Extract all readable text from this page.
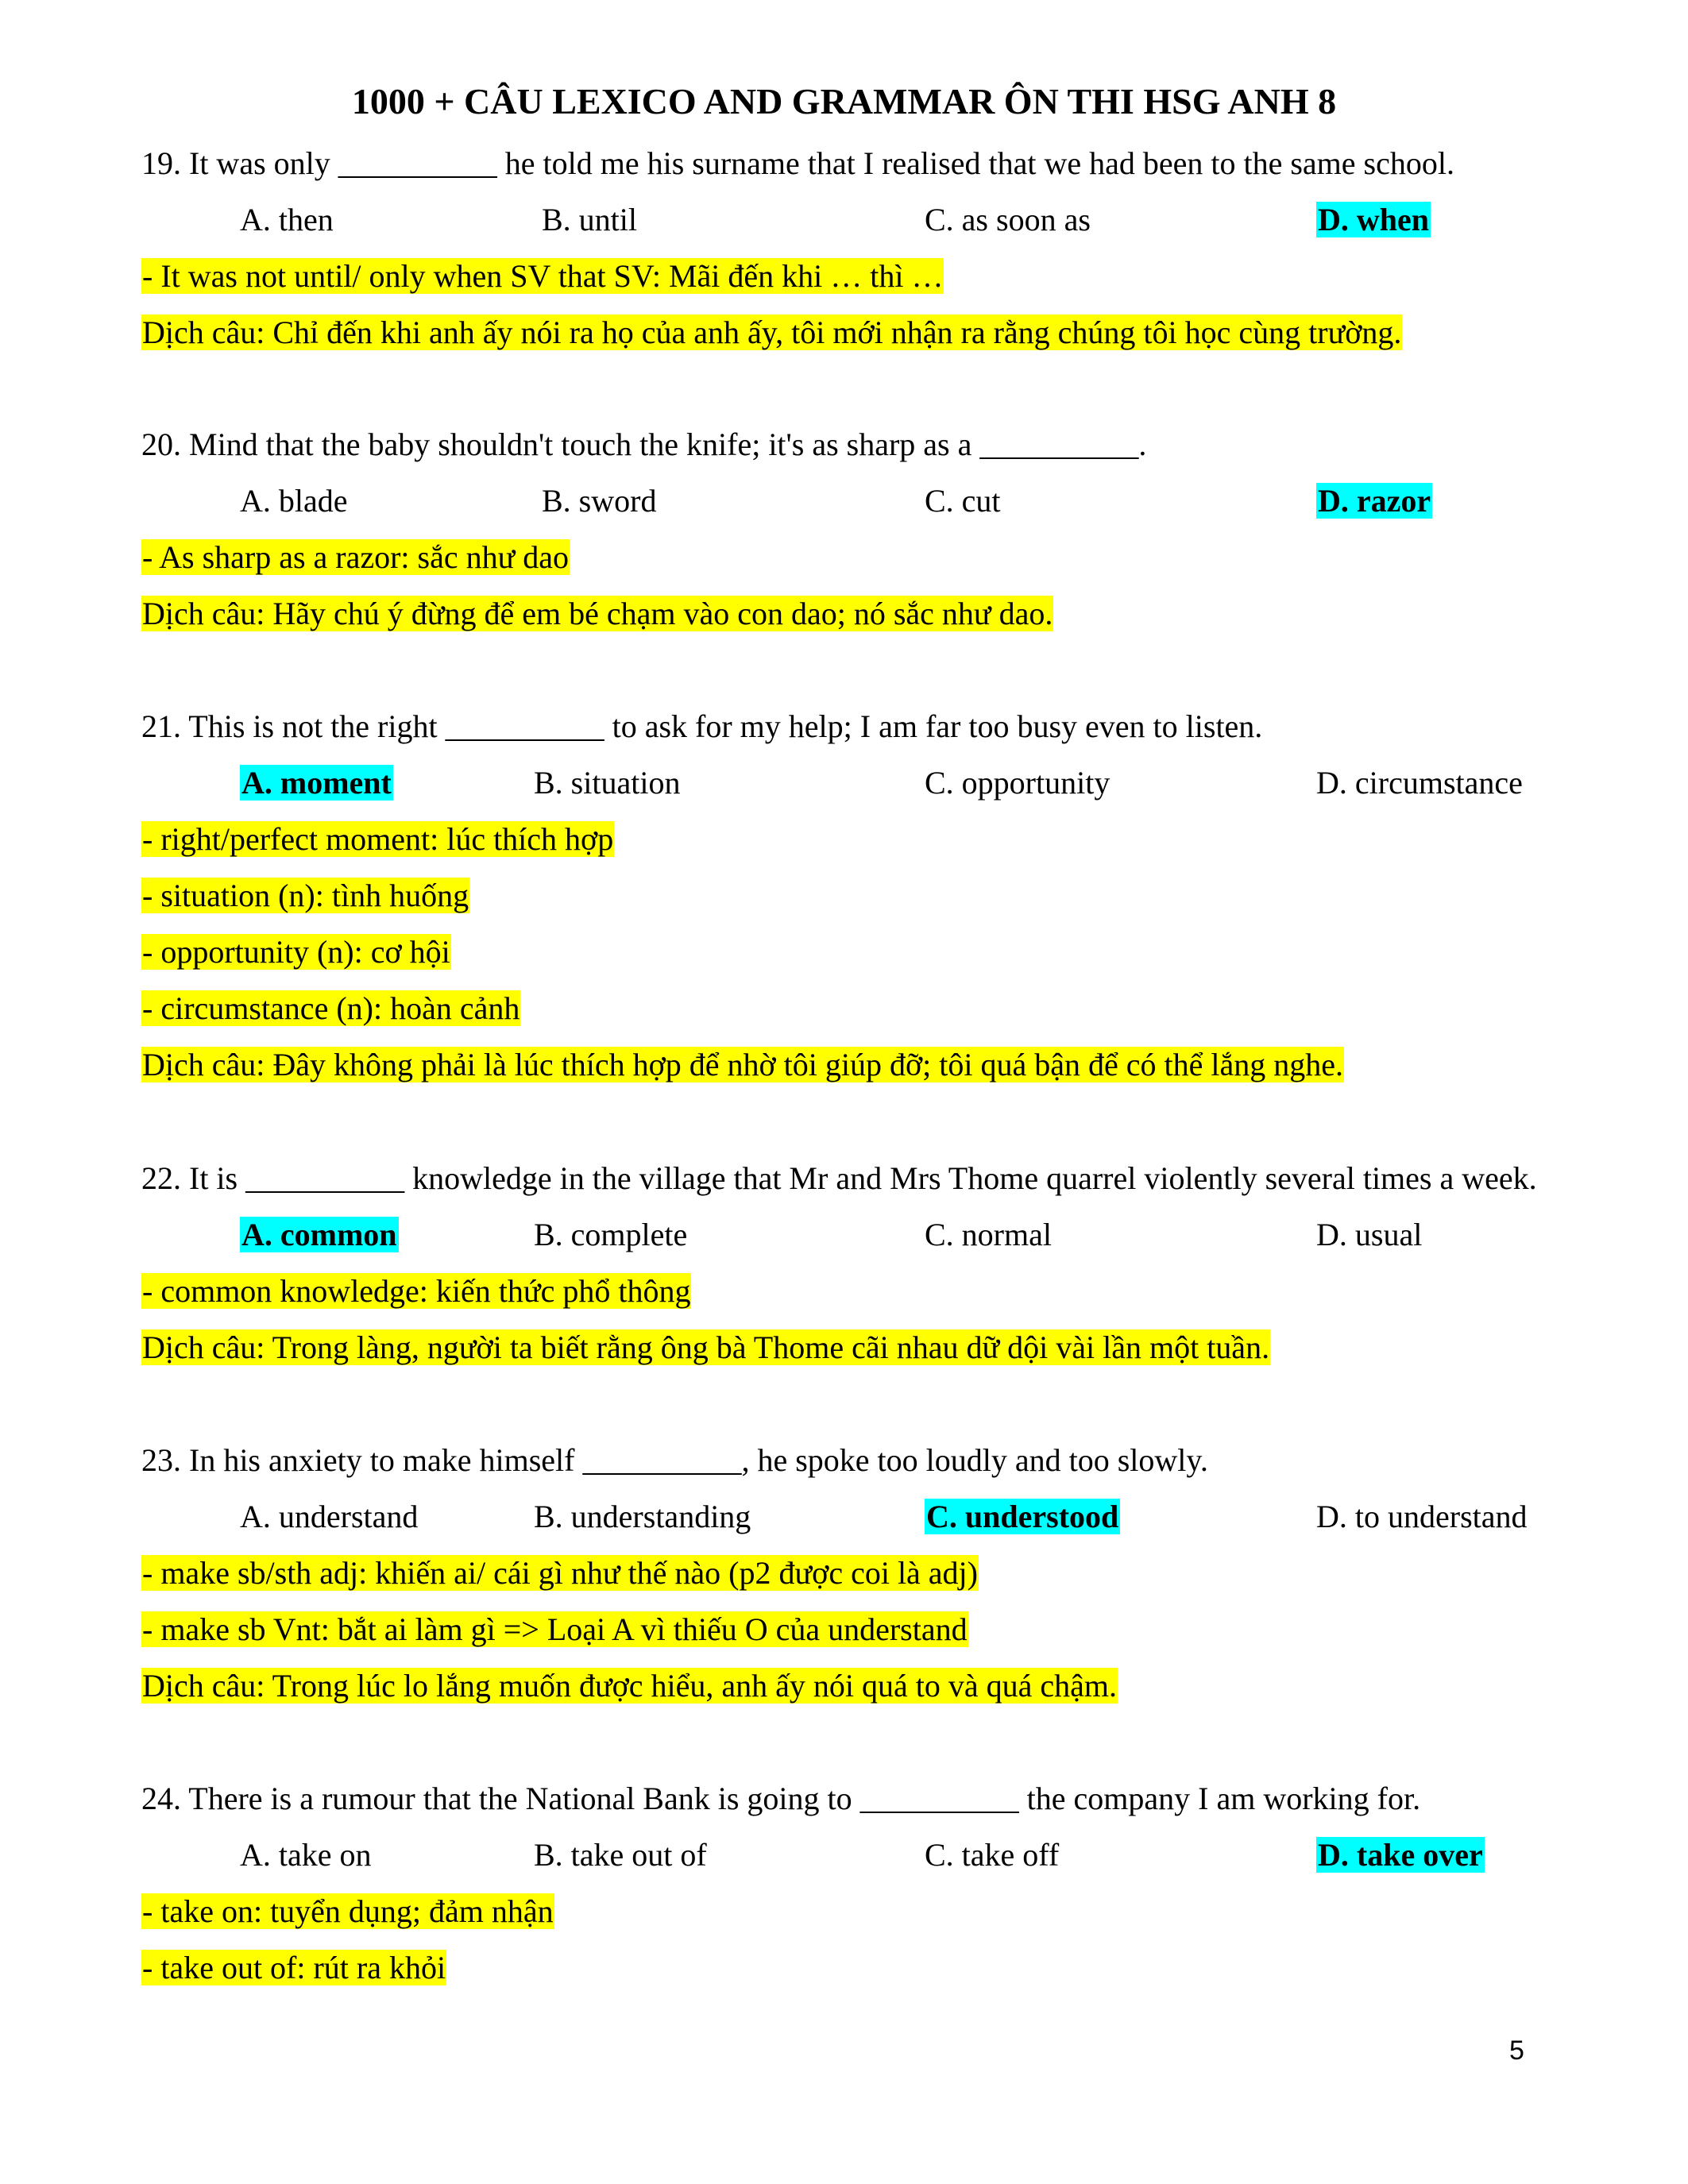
1000 + CÂU LEXICO AND GRAMMAR ÔN THI HSG ANH 8
19. It was only __________ he told me his surname that I realised that we had been to the same school.
A. then	B. until	C. as soon as	D. when
- It was not until/ only when SV that SV: Mãi đến khi … thì …
Dịch câu: Chỉ đến khi anh ấy nói ra họ của anh ấy, tôi mới nhận ra rằng chúng tôi học cùng trường.
20. Mind that the baby shouldn't touch the knife; it's as sharp as a __________.
A. blade	B. sword	C. cut	D. razor
- As sharp as a razor: sắc như dao
Dịch câu: Hãy chú ý đừng để em bé chạm vào con dao; nó sắc như dao.
21. This is not the right __________ to ask for my help; I am far too busy even to listen.
A. moment	B. situation	C. opportunity	D. circumstance
- right/perfect moment: lúc thích hợp
- situation (n): tình huống
- opportunity (n): cơ hội
- circumstance (n): hoàn cảnh
Dịch câu: Đây không phải là lúc thích hợp để nhờ tôi giúp đỡ; tôi quá bận để có thể lắng nghe.
22. It is __________ knowledge in the village that Mr and Mrs Thome quarrel violently several times a week.
A. common	B. complete	C. normal	D. usual
- common knowledge: kiến thức phổ thông
Dịch câu: Trong làng, người ta biết rằng ông bà Thome cãi nhau dữ dội vài lần một tuần.
23. In his anxiety to make himself __________, he spoke too loudly and too slowly.
A. understand	B. understanding	C. understood	D. to understand
- make sb/sth adj: khiến ai/ cái gì như thế nào (p2 được coi là adj)
- make sb Vnt: bắt ai làm gì => Loại A vì thiếu O của understand
Dịch câu: Trong lúc lo lắng muốn được hiểu, anh ấy nói quá to và quá chậm.
24. There is a rumour that the National Bank is going to __________ the company I am working for.
A. take on	B. take out of	C. take off	D. take over
- take on: tuyển dụng; đảm nhận
- take out of: rút ra khỏi
5
